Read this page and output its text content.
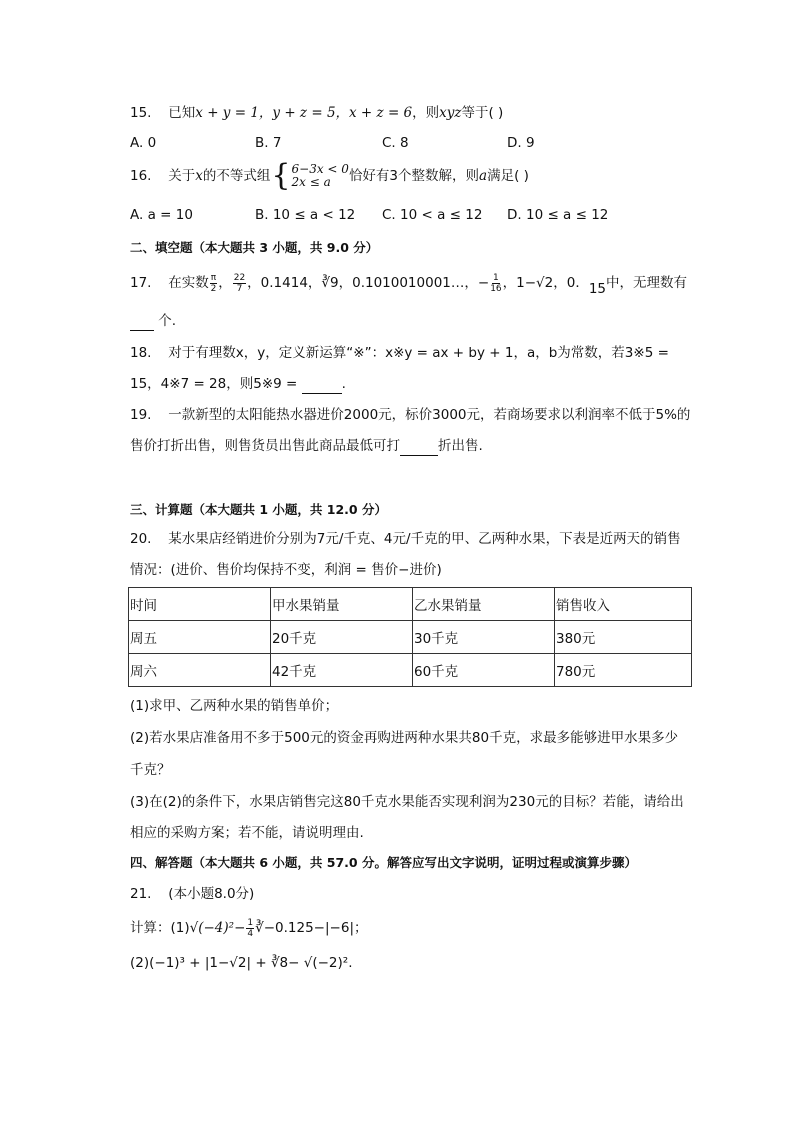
15. 已知x + y = 1，y + z = 5，x + z = 6，则xyz等于( )
A. 0	B. 7	C. 8	D. 9
16. 关于x的不等式组{6−3x < 0
2x ≤ a 恰好有3个整数解，则a满足( )
A. a = 10	B. 10 ≤ a < 12 C. 10 < a ≤ 12 D. 10 ≤ a ≤ 12
二、填空题（本大题共 3 小题，共 9.0 分）
17. 在实数 $\frac{\pi}{2}$ ， $\frac{22}{7}$ ，0.1414，∛9，0.1010010001…，− $\frac{1}{16}$ ，1−√2，0．15中，无理数有
个.
18. 对于有理数x，y，定义新运算“※”：x※y = ax + by + 1，a，b为常数，若3※5 =
15，4※7 = 28，则5※9 =	.
19. 一款新型的太阳能热水器进价2000元，标价3000元，若商场要求以利润率不低于5%的
售价打折出售，则售货员出售此商品最低可打	折出售.
三、计算题（本大题共 1 小题，共 12.0 分）
20. 某水果店经销进价分别为7元/千克、4元/千克的甲、乙两种水果，下表是近两天的销售
情况：(进价、售价均保持不变，利润 = 售价−进价)
时间	甲水果销量	乙水果销量	销售收入
周五	20千克	30千克	380元
周六	42千克	60千克	780元
(1)求甲、乙两种水果的销售单价；
(2)若水果店准备用不多于500元的资金再购进两种水果共80千克，求最多能够进甲水果多少
千克？
(3)在(2)的条件下，水果店销售完这80千克水果能否实现利润为230元的目标？若能，请给出
相应的采购方案；若不能，请说明理由.
四、解答题（本大题共 6 小题，共 57.0 分。解答应写出文字说明，证明过程或演算步骤）
21. (本小题8.0分)
计算：$(1)√(-4)^2- \frac{1}{4}$ ∛−0.125−|−6|；
(2)(−1)³ + |1−√2| + ∛8− √(−2)².
